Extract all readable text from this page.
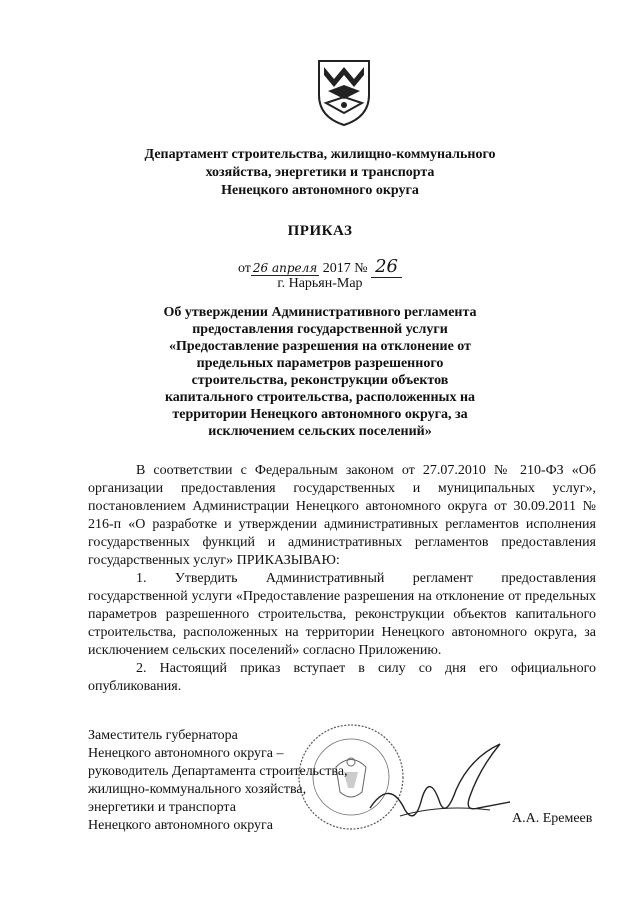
Департамент строительства, жилищно-коммунального
хозяйства, энергетики и транспорта
Ненецкого автономного округа
ПРИКАЗ
от 26 апреля 2017 № 26
г. Нарьян-Мар
Об утверждении Административного регламента
предоставления государственной услуги
«Предоставление разрешения на отклонение от
предельных параметров разрешенного
строительства, реконструкции объектов
капитального строительства, расположенных на
территории Ненецкого автономного округа, за
исключением сельских поселений»

В соответствии с Федеральным законом от 27.07.2010 № 210-ФЗ «Об организации предоставления государственных и муниципальных услуг», постановлением Администрации Ненецкого автономного округа от 30.09.2011 № 216-п «О разработке и утверждении административных регламентов исполнения государственных функций и административных регламентов предоставления государственных услуг» ПРИКАЗЫВАЮ:

1. Утвердить Административный регламент предоставления государственной услуги «Предоставление разрешения на отклонение от предельных параметров разрешенного строительства, реконструкции объектов капитального строительства, расположенных на территории Ненецкого автономного округа, за исключением сельских поселений» согласно Приложению.

2. Настоящий приказ вступает в силу со дня его официального опубликования.

Заместитель губернатора
Ненецкого автономного округа –
руководитель Департамента строительства,
жилищно-коммунального хозяйства,
энергетики и транспорта
Ненецкого автономного округа	А.А. Еремеев
